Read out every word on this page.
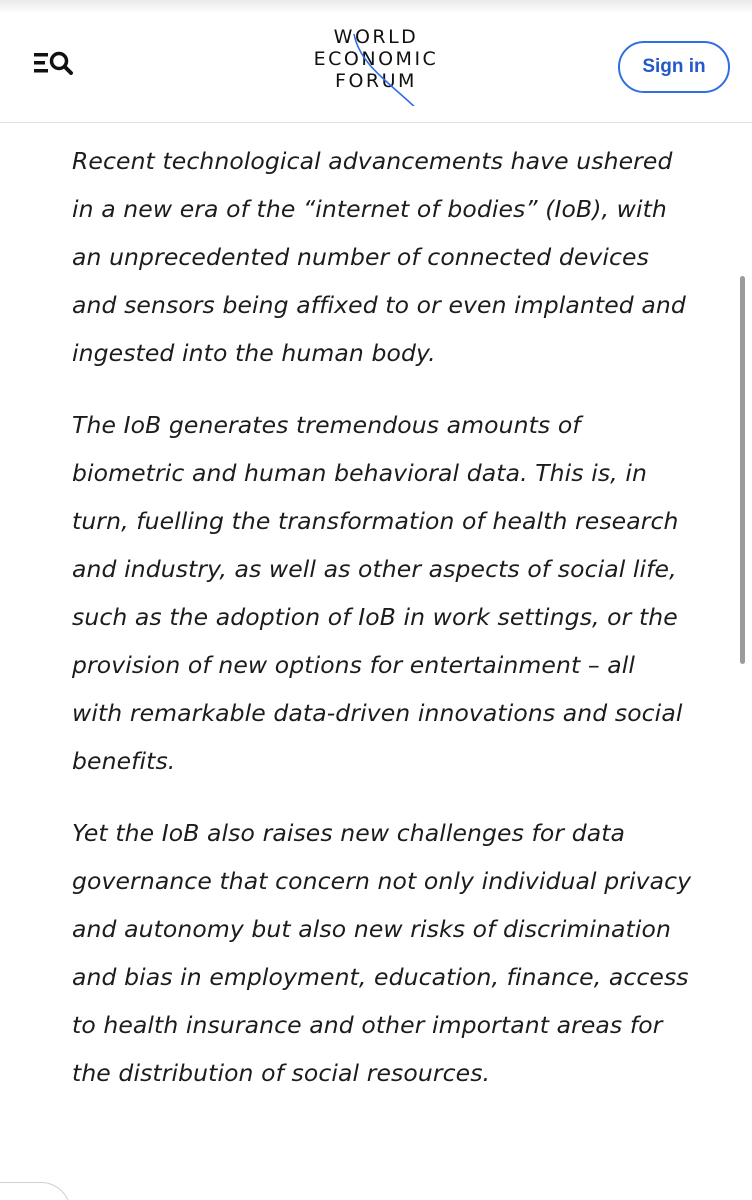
WORLD
ECONOMIC
FORUM
Sign in

Recent technological advancements have ushered in a new era of the “internet of bodies” (IoB), with an unprecedented number of connected devices and sensors being affixed to or even implanted and ingested into the human body.

The IoB generates tremendous amounts of biometric and human behavioral data. This is, in turn, fuelling the transformation of health research and industry, as well as other aspects of social life, such as the adoption of IoB in work settings, or the provision of new options for entertainment – all with remarkable data-driven innovations and social benefits.

Yet the IoB also raises new challenges for data governance that concern not only individual privacy and autonomy but also new risks of discrimination and bias in employment, education, finance, access to health insurance and other important areas for the distribution of social resources.
